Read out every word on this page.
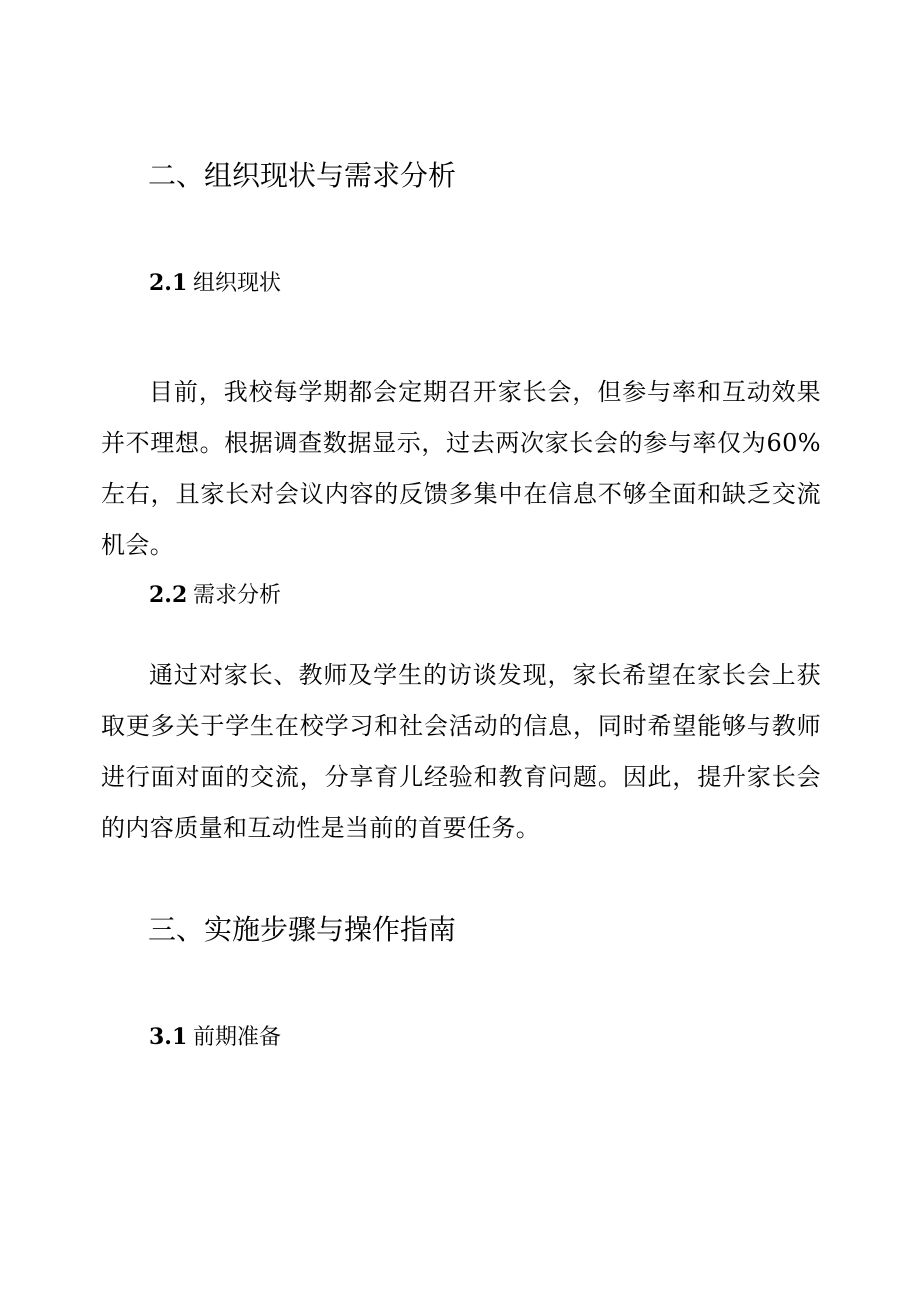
二、组织现状与需求分析
2.1 组织现状

目前，我校每学期都会定期召开家长会，但参与率和互动效果并不理想。根据调查数据显示，过去两次家长会的参与率仅为60%左右，且家长对会议内容的反馈多集中在信息不够全面和缺乏交流机会。

2.2 需求分析

通过对家长、教师及学生的访谈发现，家长希望在家长会上获取更多关于学生在校学习和社会活动的信息，同时希望能够与教师进行面对面的交流，分享育儿经验和教育问题。因此，提升家长会的内容质量和互动性是当前的首要任务。

三、实施步骤与操作指南
3.1 前期准备
